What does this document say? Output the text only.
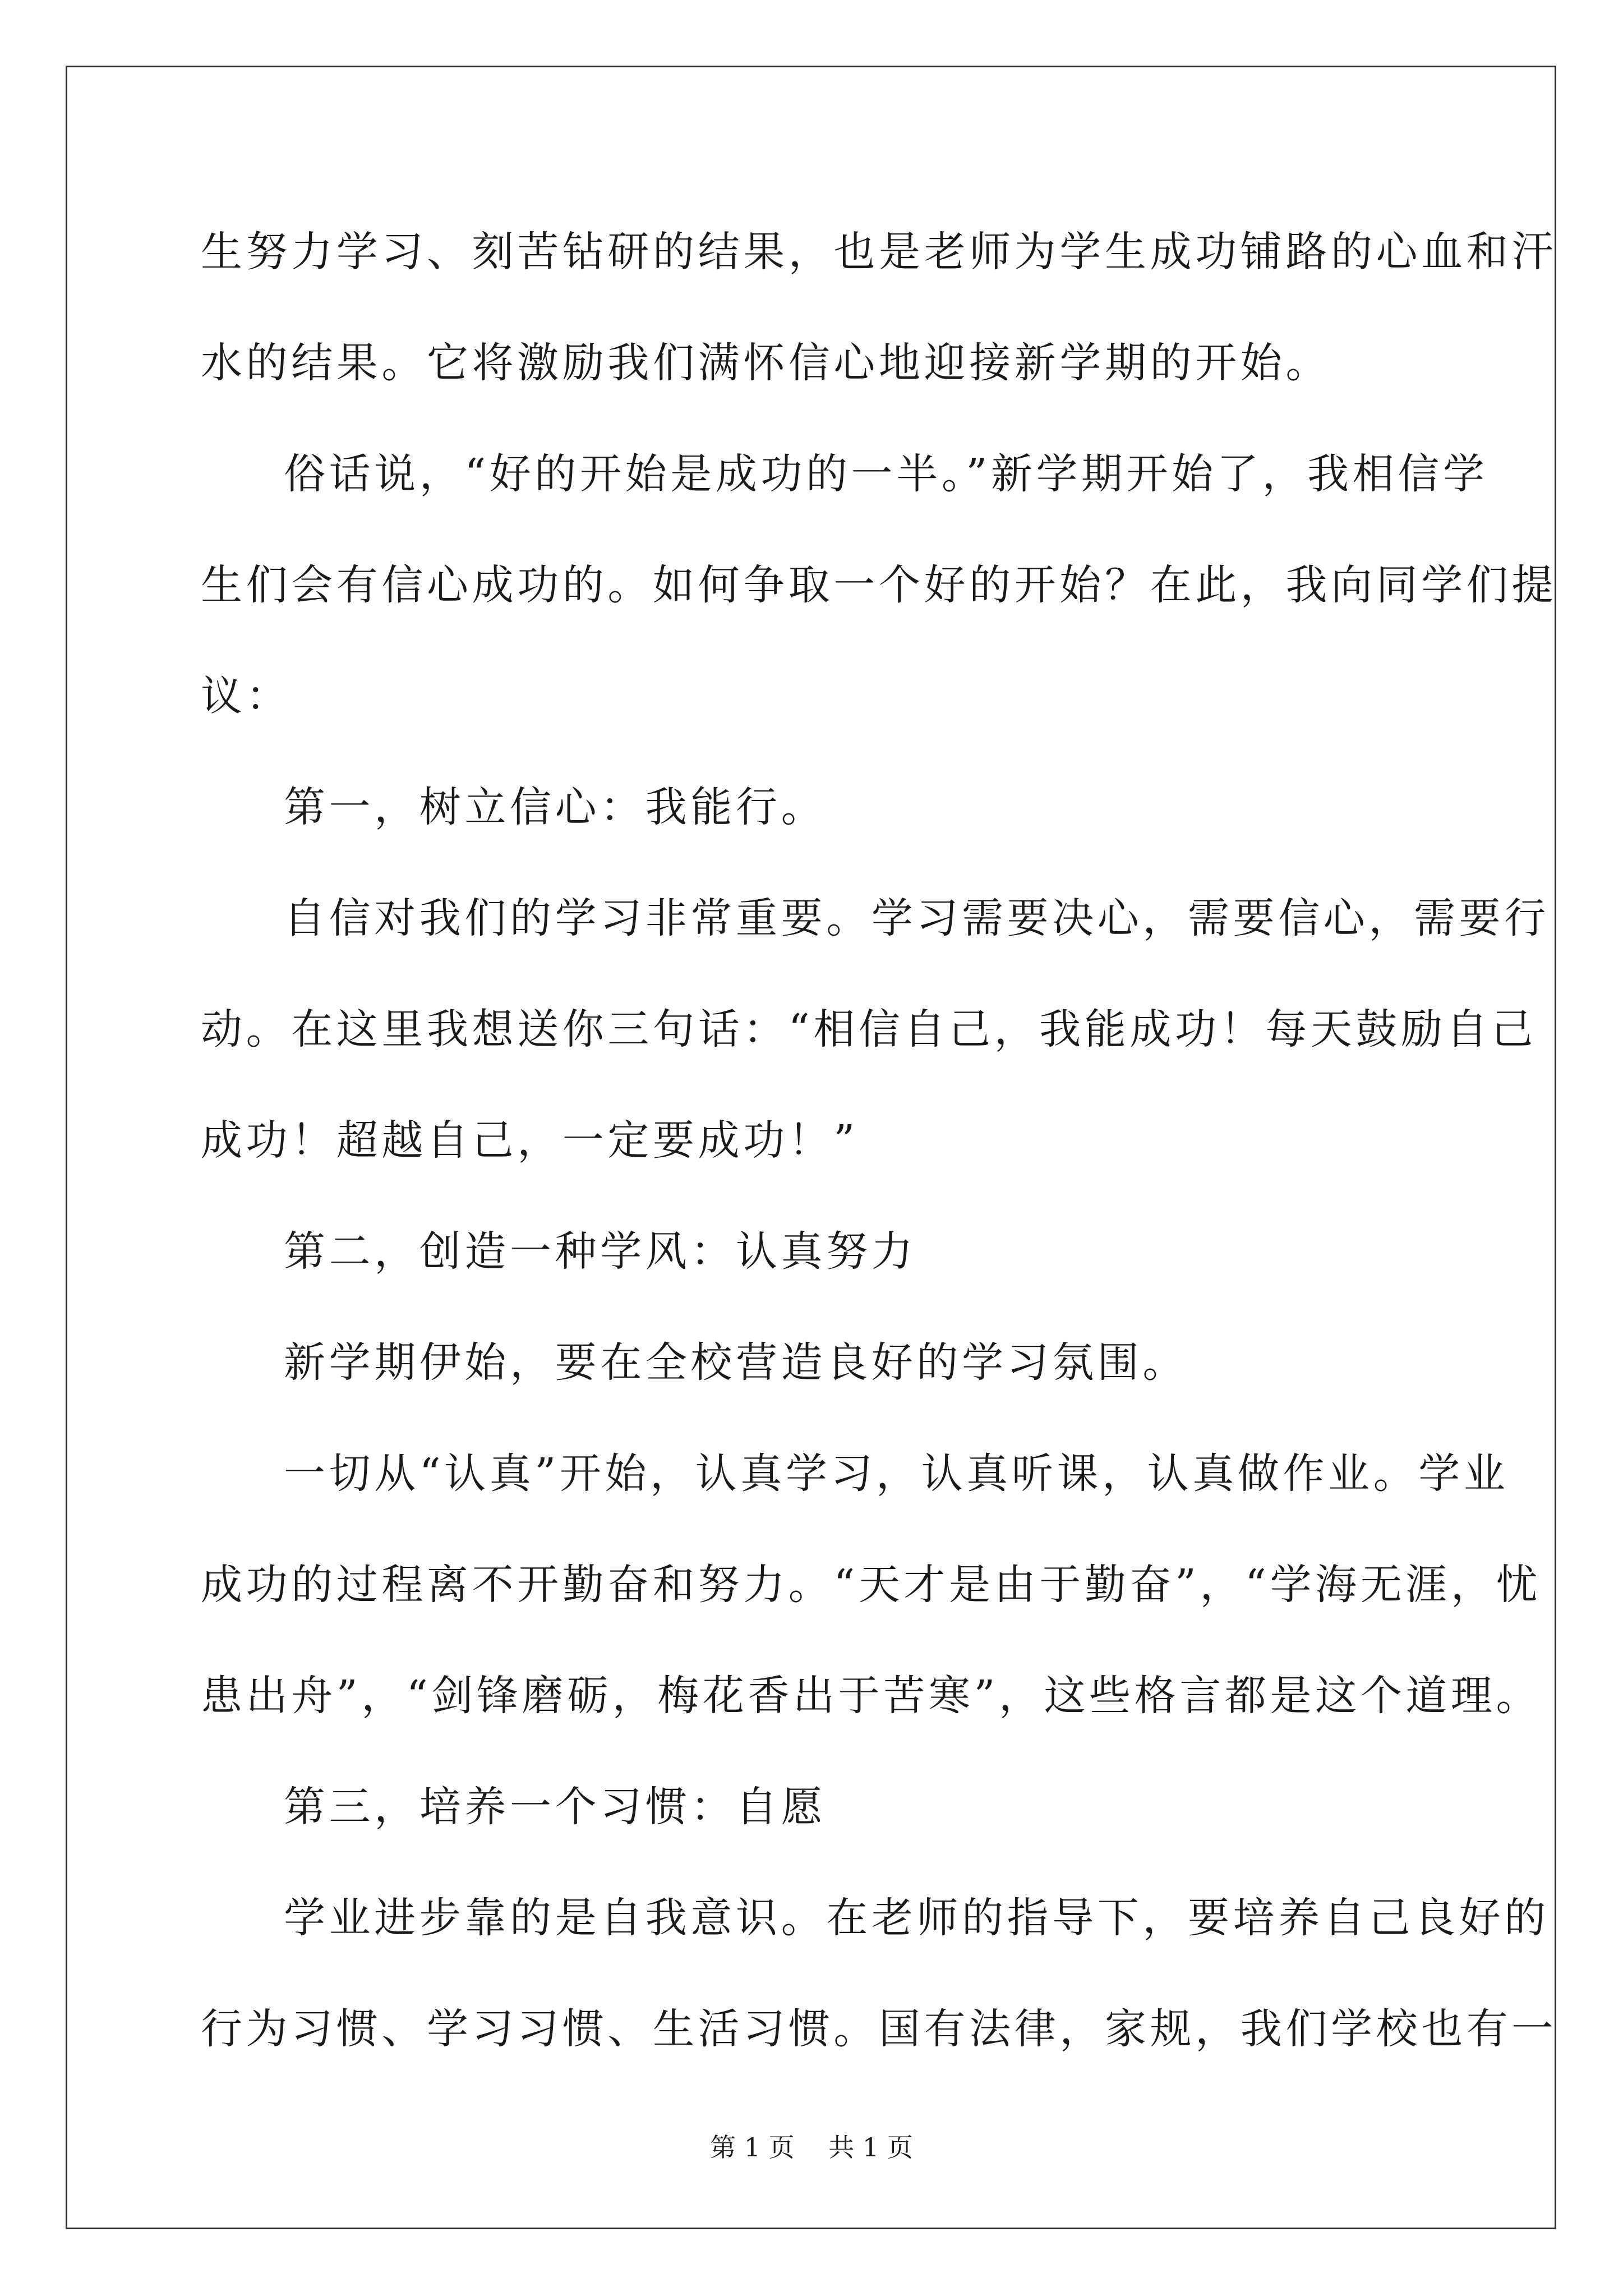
生努力学习、刻苦钻研的结果，也是老师为学生成功铺路的心血和汗
水的结果。它将激励我们满怀信心地迎接新学期的开始。
俗话说，“好的开始是成功的一半。”新学期开始了，我相信学
生们会有信心成功的。如何争取一个好的开始？在此，我向同学们提
议：
第一，树立信心：我能行。
自信对我们的学习非常重要。学习需要决心，需要信心，需要行
动。在这里我想送你三句话：“相信自己，我能成功！每天鼓励自己
成功！超越自己，一定要成功！”
第二，创造一种学风：认真努力
新学期伊始，要在全校营造良好的学习氛围。
一切从“认真”开始，认真学习，认真听课，认真做作业。学业
成功的过程离不开勤奋和努力。“天才是由于勤奋”，“学海无涯，忧
患出舟”，“剑锋磨砺，梅花香出于苦寒”，这些格言都是这个道理。
第三，培养一个习惯：自愿
学业进步靠的是自我意识。在老师的指导下，要培养自己良好的
行为习惯、学习习惯、生活习惯。国有法律，家规，我们学校也有一
第 1 页　 共 1 页
